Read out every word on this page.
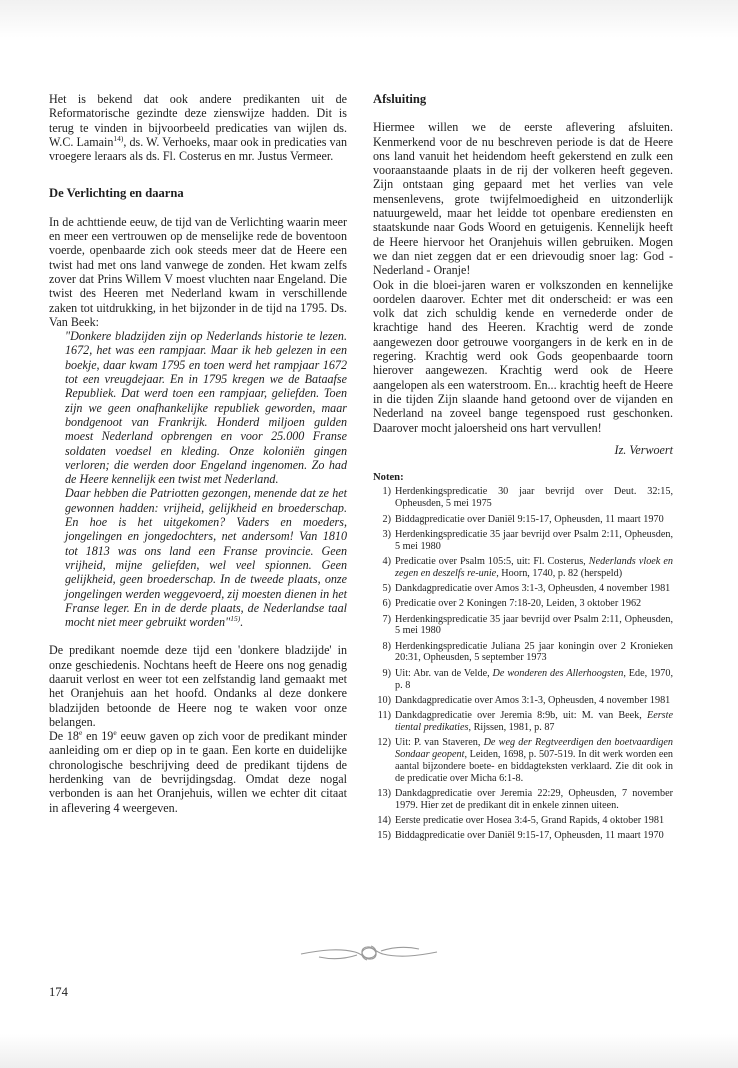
Het is bekend dat ook andere predikanten uit de Reformatorische gezindte deze zienswijze hadden. Dit is terug te vinden in bijvoorbeeld predicaties van wijlen ds. W.C. Lamain$^{14)}$, ds. W. Verhoeks, maar ook in predicaties van vroegere leraars als ds. Fl. Costerus en mr. Justus Vermeer.

De Verlichting en daarna

In de achttiende eeuw, de tijd van de Verlichting waarin meer en meer een vertrouwen op de menselijke rede de boventoon voerde, openbaarde zich ook steeds meer dat de Heere een twist had met ons land vanwege de zonden. Het kwam zelfs zover dat Prins Willem V moest vluchten naar Engeland. Die twist des Heeren met Nederland kwam in verschillende zaken tot uitdrukking, in het bijzonder in de tijd na 1795. Ds. Van Beek:

"Donkere bladzijden zijn op Nederlands historie te lezen. 1672, het was een rampjaar. Maar ik heb gelezen in een boekje, daar kwam 1795 en toen werd het rampjaar 1672 tot een vreugdejaar. En in 1795 kregen we de Bataafse Republiek. Dat werd toen een rampjaar, geliefden. Toen zijn we geen onafhankelijke republiek geworden, maar bondgenoot van Frankrijk. Honderd miljoen gulden moest Nederland opbrengen en voor 25.000 Franse soldaten voedsel en kleding. Onze koloniën gingen verloren; die werden door Engeland ingenomen. Zo had de Heere kennelijk een twist met Nederland.

Daar hebben die Patriotten gezongen, menende dat ze het gewonnen hadden: vrijheid, gelijkheid en broederschap. En hoe is het uitgekomen? Vaders en moeders, jongelingen en jongedochters, net andersom! Van 1810 tot 1813 was ons land een Franse provincie. Geen vrijheid, mijne geliefden, wel veel spionnen. Geen gelijkheid, geen broederschap. In de tweede plaats, onze jongelingen werden weggevoerd, zij moesten dienen in het Franse leger. En in de derde plaats, de Nederlandse taal mocht niet meer gebruikt worden"$^{15)}$.

De predikant noemde deze tijd een 'donkere bladzijde' in onze geschiedenis. Nochtans heeft de Heere ons nog genadig daaruit verlost en weer tot een zelfstandig land gemaakt met het Oranjehuis aan het hoofd. Ondanks al deze donkere bladzijden betoonde de Heere nog te waken voor onze belangen.

De 18e en 19e eeuw gaven op zich voor de predikant minder aanleiding om er diep op in te gaan. Een korte en duidelijke chronologische beschrijving deed de predikant tijdens de herdenking van de bevrijdingsdag. Omdat deze nogal verbonden is aan het Oranjehuis, willen we echter dit citaat in aflevering 4 weergeven.

Afsluiting

Hiermee willen we de eerste aflevering afsluiten. Kenmerkend voor de nu beschreven periode is dat de Heere ons land vanuit het heidendom heeft gekerstend en zulk een vooraanstaande plaats in de rij der volkeren heeft gegeven. Zijn ontstaan ging gepaard met het verlies van vele mensenlevens, grote twijfelmoedigheid en uitzonderlijk natuurgeweld, maar het leidde tot openbare erediensten en staatskunde naar Gods Woord en getuigenis. Kennelijk heeft de Heere hiervoor het Oranjehuis willen gebruiken. Mogen we dan niet zeggen dat er een drievoudig snoer lag: God - Nederland - Oranje!

Ook in die bloei-jaren waren er volkszonden en kennelijke oordelen daarover. Echter met dit onderscheid: er was een volk dat zich schuldig kende en vernederde onder de krachtige hand des Heeren. Krachtig werd de zonde aangewezen door getrouwe voorgangers in de kerk en in de regering. Krachtig werd ook Gods geopenbaarde toorn hierover aangewezen. Krachtig werd ook de Heere aangelopen als een waterstroom. En... krachtig heeft de Heere in die tijden Zijn slaande hand getoond over de vijanden en Nederland na zoveel bange tegenspoed rust geschonken. Daarover mocht jaloersheid ons hart vervullen!

Iz. Verwoert

Noten:
1) Herdenkingspredicatie 30 jaar bevrijd over Deut. 32:15, Opheusden, 5 mei 1975
2) Biddagpredicatie over Daniël 9:15-17, Opheusden, 11 maart 1970
3) Herdenkingspredicatie 35 jaar bevrijd over Psalm 2:11, Opheusden, 5 mei 1980
4) Predicatie over Psalm 105:5, uit: Fl. Costerus, Nederlands vloek en zegen en deszelfs re-unie, Hoorn, 1740, p. 82 (herspeld)
5) Dankdagpredicatie over Amos 3:1-3, Opheusden, 4 november 1981
6) Predicatie over 2 Koningen 7:18-20, Leiden, 3 oktober 1962
7) Herdenkingspredicatie 35 jaar bevrijd over Psalm 2:11, Opheusden, 5 mei 1980
8) Herdenkingspredicatie Juliana 25 jaar koningin over 2 Kronieken 20:31, Opheusden, 5 september 1973
9) Uit: Abr. van de Velde, De wonderen des Allerhoogsten, Ede, 1970, p. 8
10) Dankdagpredicatie over Amos 3:1-3, Opheusden, 4 november 1981
11) Dankdagpredicatie over Jeremia 8:9b, uit: M. van Beek, Eerste tiental predikaties, Rijssen, 1981, p. 87
12) Uit: P. van Staveren, De weg der Regtveerdigen den boetvaardigen Sondaar geopent, Leiden, 1698, p. 507-519. In dit werk worden een aantal bijzondere boete- en biddagteksten verklaard. Zie dit ook in de predicatie over Micha 6:1-8.
13) Dankdagpredicatie over Jeremia 22:29, Opheusden, 7 november 1979. Hier zet de predikant dit in enkele zinnen uiteen.
14) Eerste predicatie over Hosea 3:4-5, Grand Rapids, 4 oktober 1981
15) Biddagpredicatie over Daniël 9:15-17, Opheusden, 11 maart 1970
174
